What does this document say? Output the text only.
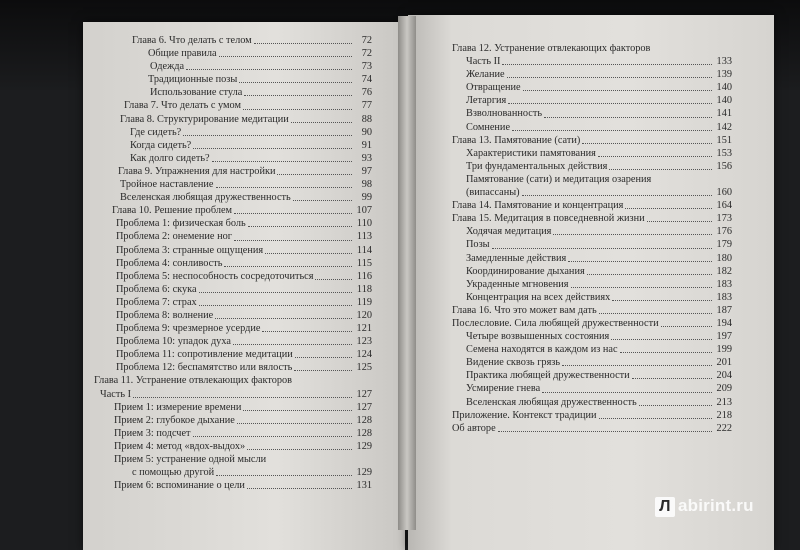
Глава 6. Что делать с телом	72
Общие правила	72
Одежда	73
Традиционные позы	74
Использование стула	76
Глава 7. Что делать с умом	77
Глава 8. Структурирование медитации	88
Где сидеть?	90
Когда сидеть?	91
Как долго сидеть?	93
Глава 9. Упражнения для настройки	97
Тройное наставление	98
Вселенская любящая дружественность	99
Глава 10. Решение проблем	107
Проблема 1: физическая боль	110
Проблема 2: онемение ног	113
Проблема 3: странные ощущения	114
Проблема 4: сонливость	115
Проблема 5: неспособность сосредоточиться	116
Проблема 6: скука	118
Проблема 7: страх	119
Проблема 8: волнение	120
Проблема 9: чрезмерное усердие	121
Проблема 10: упадок духа	123
Проблема 11: сопротивление медитации	124
Проблема 12: беспамятство или вялость	125
Глава 11. Устранение отвлекающих факторов
Часть I	127
Прием 1: измерение времени	127
Прием 2: глубокое дыхание	128
Прием 3: подсчет	128
Прием 4: метод «вдох-выдох»	129
Прием 5: устранение одной мысли
с помощью другой	129
Прием 6: вспоминание о цели	131
Глава 12. Устранение отвлекающих факторов
Часть II	133
Желание	139
Отвращение	140
Летаргия	140
Взволнованность	141
Сомнение	142
Глава 13. Памятование (сати)	151
Характеристики памятования	153
Три фундаментальных действия	156
Памятование (сати) и медитация озарения
(випассаны)	160
Глава 14. Памятование и концентрация	164
Глава 15. Медитация в повседневной жизни	173
Ходячая медитация	176
Позы	179
Замедленные действия	180
Координирование дыхания	182
Украденные мгновения	183
Концентрация на всех действиях	183
Глава 16. Что это может вам дать	187
Послесловие. Сила любящей дружественности	194
Четыре возвышенных состояния	197
Семена находятся в каждом из нас	199
Видение сквозь грязь	201
Практика любящей дружественности	204
Усмирение гнева	209
Вселенская любящая дружественность	213
Приложение. Контекст традиции	218
Об авторе	222
Л abirint.ru
